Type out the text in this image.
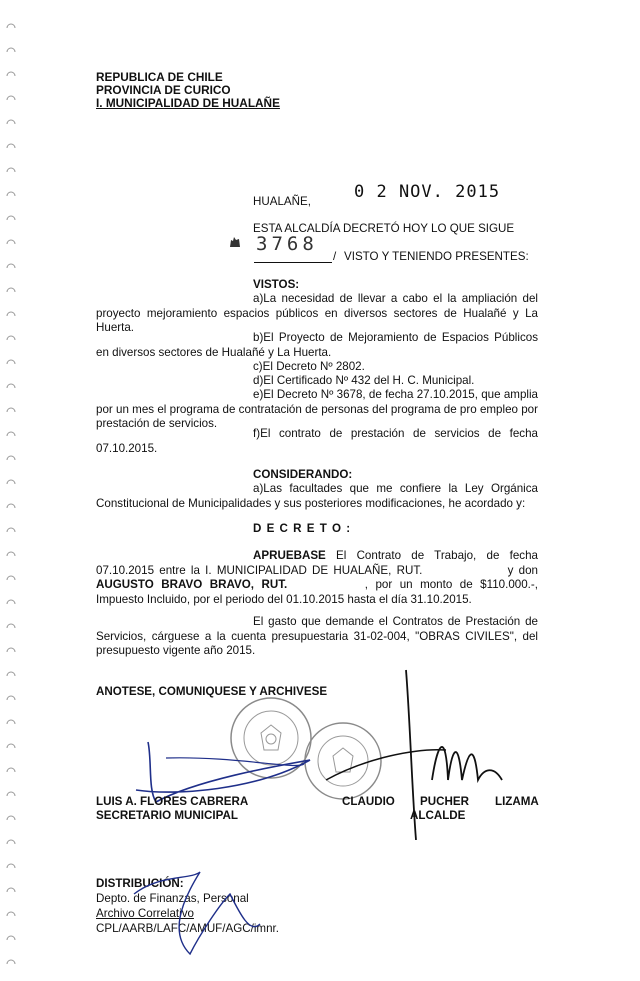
REPUBLICA DE CHILE
PROVINCIA DE CURICO
I. MUNICIPALIDAD DE HUALAÑE
HUALAÑE,	0 2 NOV. 2015
ESTA ALCALDÍA DECRETÓ HOY LO QUE SIGUE
3768
/ VISTO Y TENIENDO PRESENTES:
VISTOS:
a)La necesidad de llevar a cabo el la ampliación del proyecto mejoramiento espacios públicos en diversos sectores de Hualañé y La Huerta.
b)El Proyecto de Mejoramiento de Espacios Públicos en diversos sectores de Hualañé y La Huerta.
c)El Decreto Nº 2802.
d)El Certificado Nº 432 del H. C. Municipal.
e)El Decreto Nº 3678, de fecha 27.10.2015, que amplia por un mes el programa de contratación de personas del programa de pro empleo por prestación de servicios.
f)El contrato de prestación de servicios de fecha 07.10.2015.
CONSIDERANDO:
a)Las facultades que me confiere la Ley Orgánica Constitucional de Municipalidades y sus posteriores modificaciones, he acordado y:
D E C R E T O :
APRUEBASE El Contrato de Trabajo, de fecha 07.10.2015 entre la I. MUNICIPALIDAD DE HUALAÑE, RUT.	y don AUGUSTO BRAVO BRAVO, RUT.	, por un monto de $110.000.-, Impuesto Incluido, por el periodo del 01.10.2015 hasta el día 31.10.2015.
El gasto que demande el Contratos de Prestación de Servicios, cárguese a la cuenta presupuestaria 31-02-004, "OBRAS CIVILES", del presupuesto vigente año 2015.
ANOTESE, COMUNIQUESE Y ARCHIVESE
LUIS A. FLORES CABRERA
SECRETARIO MUNICIPAL
CLAUDIO PUCHER LIZAMA
ALCALDE
DISTRIBUCIÓN:
Depto. de Finanzas, Personal
Archivo Correlativo
CPL/AARB/LAFC/AMUF/AGC/imnr.
